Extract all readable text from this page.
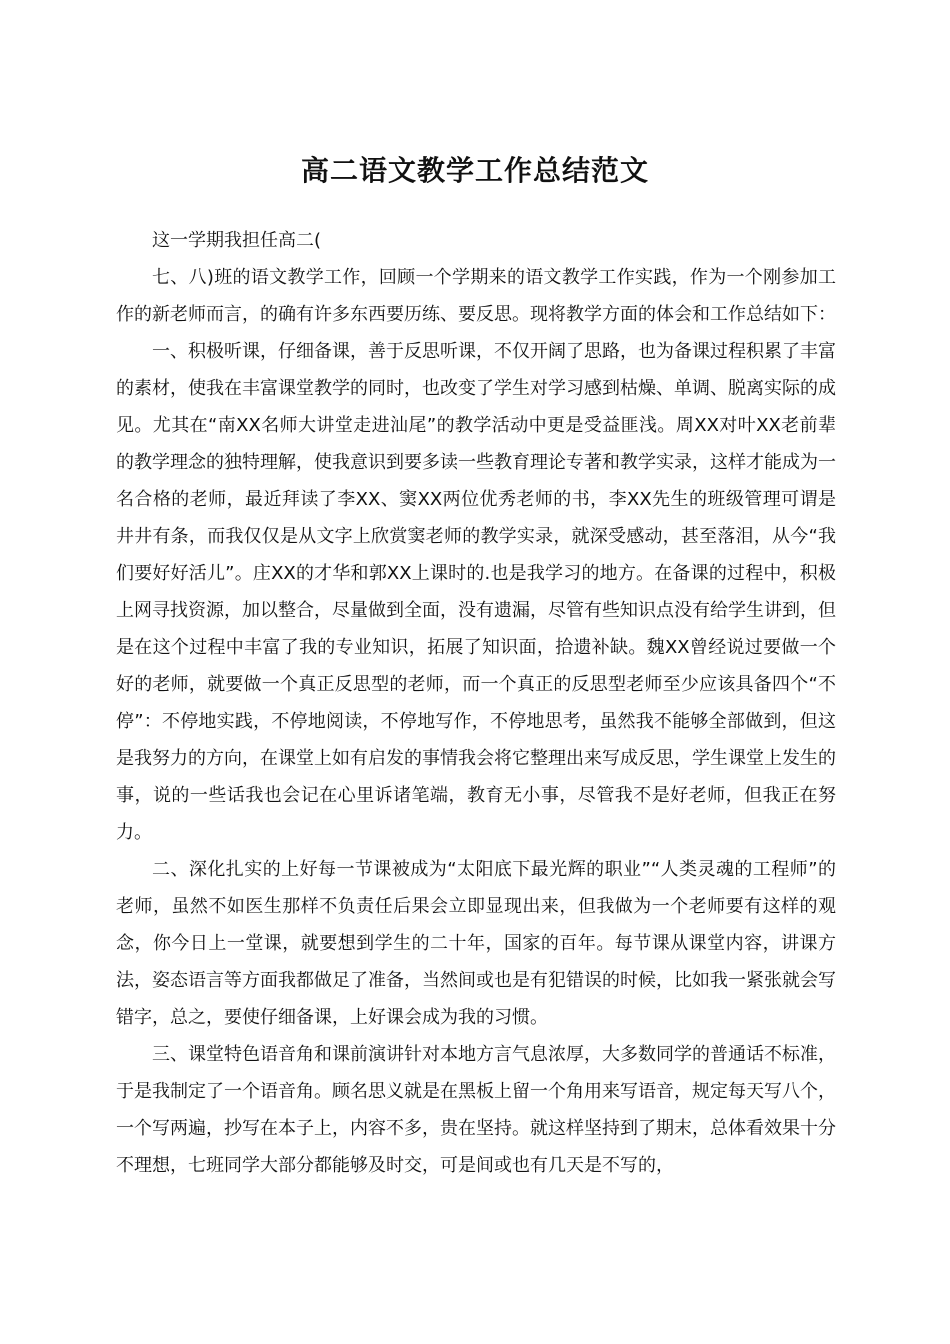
高二语文教学工作总结范文

这一学期我担任高二(

七、八)班的语文教学工作，回顾一个学期来的语文教学工作实践，作为一个刚参加工作的新老师而言，的确有许多东西要历练、要反思。现将教学方面的体会和工作总结如下：

一、积极听课，仔细备课，善于反思听课，不仅开阔了思路，也为备课过程积累了丰富的素材，使我在丰富课堂教学的同时，也改变了学生对学习感到枯燥、单调、脱离实际的成见。尤其在“南XX名师大讲堂走进汕尾”的教学活动中更是受益匪浅。周XX对叶XX老前辈的教学理念的独特理解，使我意识到要多读一些教育理论专著和教学实录，这样才能成为一名合格的老师，最近拜读了李XX、窦XX两位优秀老师的书，李XX先生的班级管理可谓是井井有条，而我仅仅是从文字上欣赏窦老师的教学实录，就深受感动，甚至落泪，从今“我们要好好活儿”。庄XX的才华和郭XX上课时的.也是我学习的地方。在备课的过程中，积极上网寻找资源，加以整合，尽量做到全面，没有遗漏，尽管有些知识点没有给学生讲到，但是在这个过程中丰富了我的专业知识，拓展了知识面，拾遗补缺。魏XX曾经说过要做一个好的老师，就要做一个真正反思型的老师，而一个真正的反思型老师至少应该具备四个“不停”：不停地实践，不停地阅读，不停地写作，不停地思考，虽然我不能够全部做到，但这是我努力的方向，在课堂上如有启发的事情我会将它整理出来写成反思，学生课堂上发生的事，说的一些话我也会记在心里诉诸笔端，教育无小事，尽管我不是好老师，但我正在努力。

二、深化扎实的上好每一节课被成为“太阳底下最光辉的职业”“人类灵魂的工程师”的老师，虽然不如医生那样不负责任后果会立即显现出来，但我做为一个老师要有这样的观念，你今日上一堂课，就要想到学生的二十年，国家的百年。每节课从课堂内容，讲课方法，姿态语言等方面我都做足了准备，当然间或也是有犯错误的时候，比如我一紧张就会写错字，总之，要使仔细备课，上好课会成为我的习惯。

三、课堂特色语音角和课前演讲针对本地方言气息浓厚，大多数同学的普通话不标准，于是我制定了一个语音角。顾名思义就是在黑板上留一个角用来写语音，规定每天写八个，一个写两遍，抄写在本子上，内容不多，贵在坚持。就这样坚持到了期末，总体看效果十分不理想，七班同学大部分都能够及时交，可是间或也有几天是不写的，
